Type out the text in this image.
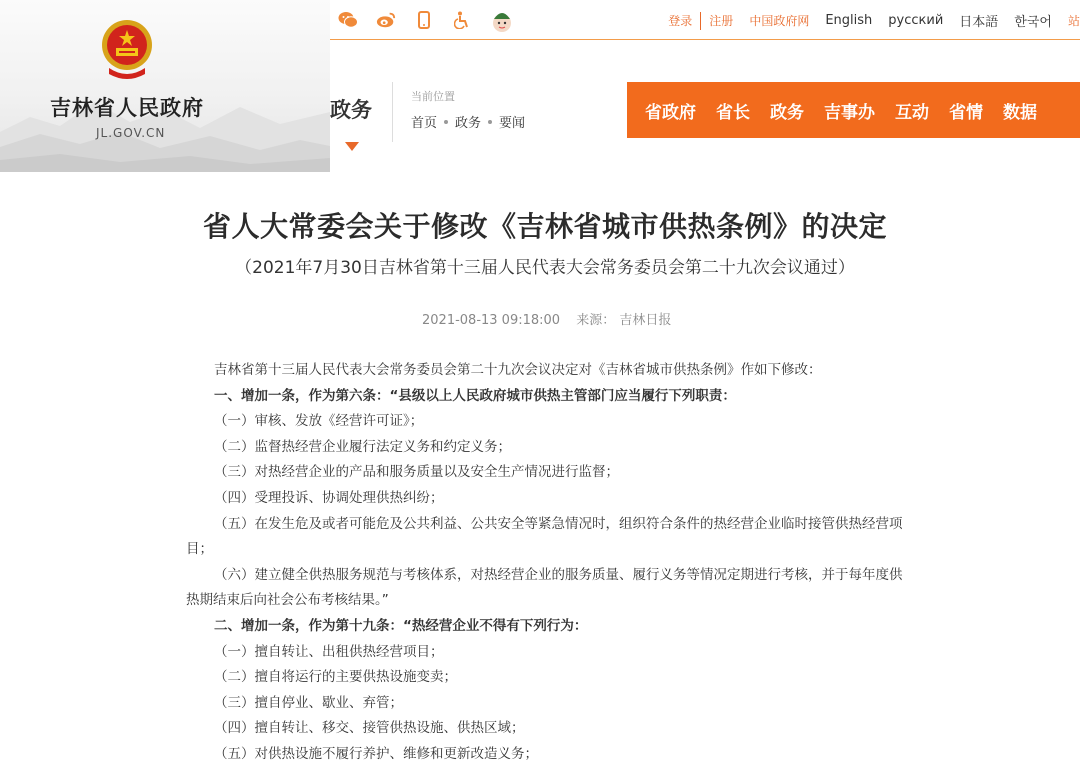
吉林省人民政府
JL.GOV.CN
登录	注册	中国政府网	English	русский	日本語	한국어	站
政务
当前位置
首页 政务 要闻
省政府 省长 政务 吉事办 互动 省情 数据
省人大常委会关于修改《吉林省城市供热条例》的决定
（2021年7月30日吉林省第十三届人民代表大会常务委员会第二十九次会议通过）
2021-08-13 09:18:00 来源： 吉林日报

吉林省第十三届人民代表大会常务委员会第二十九次会议决定对《吉林省城市供热条例》作如下修改：

一、增加一条，作为第六条：“县级以上人民政府城市供热主管部门应当履行下列职责：

（一）审核、发放《经营许可证》；

（二）监督热经营企业履行法定义务和约定义务；

（三）对热经营企业的产品和服务质量以及安全生产情况进行监督；

（四）受理投诉、协调处理供热纠纷；

（五）在发生危及或者可能危及公共利益、公共安全等紧急情况时，组织符合条件的热经营企业临时接管供热经营项目；

（六）建立健全供热服务规范与考核体系，对热经营企业的服务质量、履行义务等情况定期进行考核，并于每年度供热期结束后向社会公布考核结果。”

二、增加一条，作为第十九条：“热经营企业不得有下列行为：

（一）擅自转让、出租供热经营项目；

（二）擅自将运行的主要供热设施变卖；

（三）擅自停业、歇业、弃管；

（四）擅自转让、移交、接管供热设施、供热区域；

（五）对供热设施不履行养护、维修和更新改造义务；
